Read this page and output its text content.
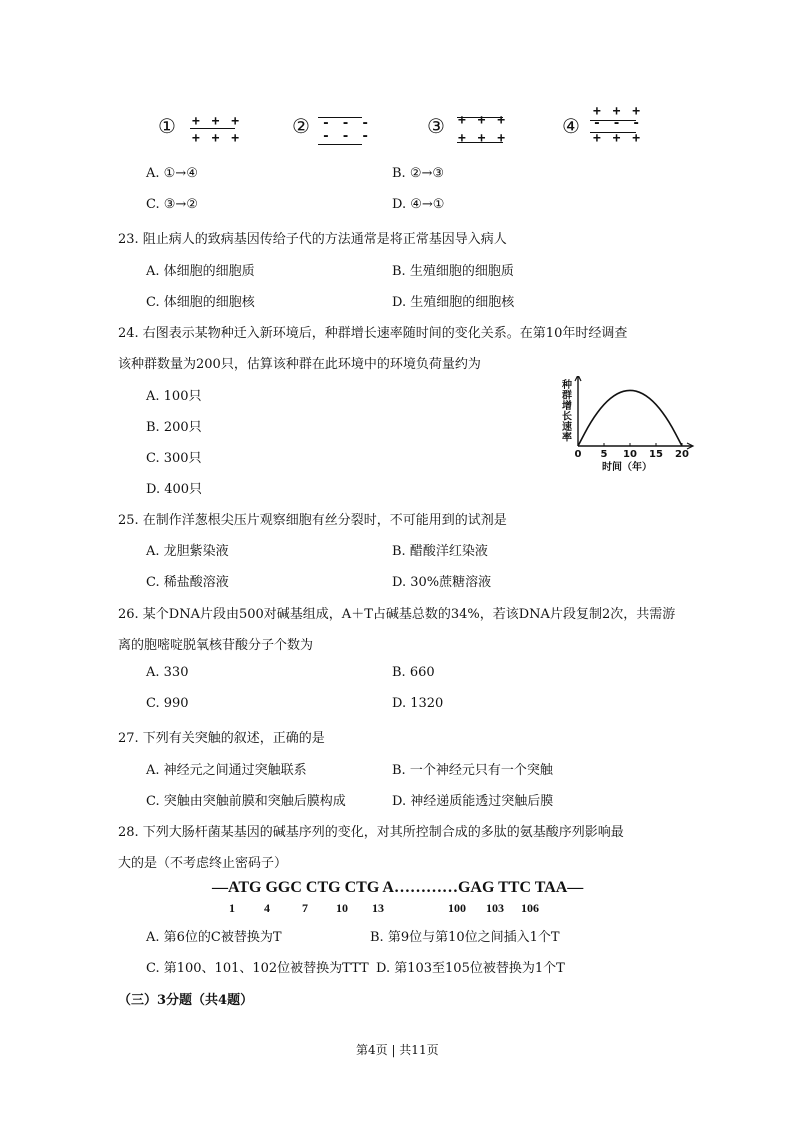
① + + +
+ + +
② - - -
- - -	③ + + +
+ + +
④
+ + +
- - -
+ + +
A. ①→④	B. ②→③
C. ③→②	D. ④→①
23. 阻止病人的致病基因传给子代的方法通常是将正常基因导入病人
A. 体细胞的细胞质	B. 生殖细胞的细胞质
C. 体细胞的细胞核	D. 生殖细胞的细胞核
24. 右图表示某物种迁入新环境后，种群增长速率随时间的变化关系。在第10年时经调查
该种群数量为200只，估算该种群在此环境中的环境负荷量约为
A. 100只
B. 200只
C. 300只
D. 400只
0 5 10 15 20
种群增长速率
时间（年）
25. 在制作洋葱根尖压片观察细胞有丝分裂时，不可能用到的试剂是
A. 龙胆紫染液	B. 醋酸洋红染液
C. 稀盐酸溶液	D. 30%蔗糖溶液
26. 某个DNA片段由500对碱基组成，A＋T占碱基总数的34%，若该DNA片段复制2次，共需游
离的胞嘧啶脱氧核苷酸分子个数为
A. 330	B. 660
C. 990	D. 1320
27. 下列有关突触的叙述，正确的是
A. 神经元之间通过突触联系	B. 一个神经元只有一个突触
C. 突触由突触前膜和突触后膜构成	D. 神经递质能透过突触后膜
28. 下列大肠杆菌某基因的碱基序列的变化，对其所控制合成的多肽的氨基酸序列影响最
大的是（不考虑终止密码子）
—ATG GGC CTG CTG A…………GAG TTC TAA—
1 4	7 10 13	100 103 106
A. 第6位的C被替换为T	B. 第9位与第10位之间插入1个T
C. 第100、101、102位被替换为TTT D. 第103至105位被替换为1个T
（三）3分题（共4题）
第4页 | 共11页
